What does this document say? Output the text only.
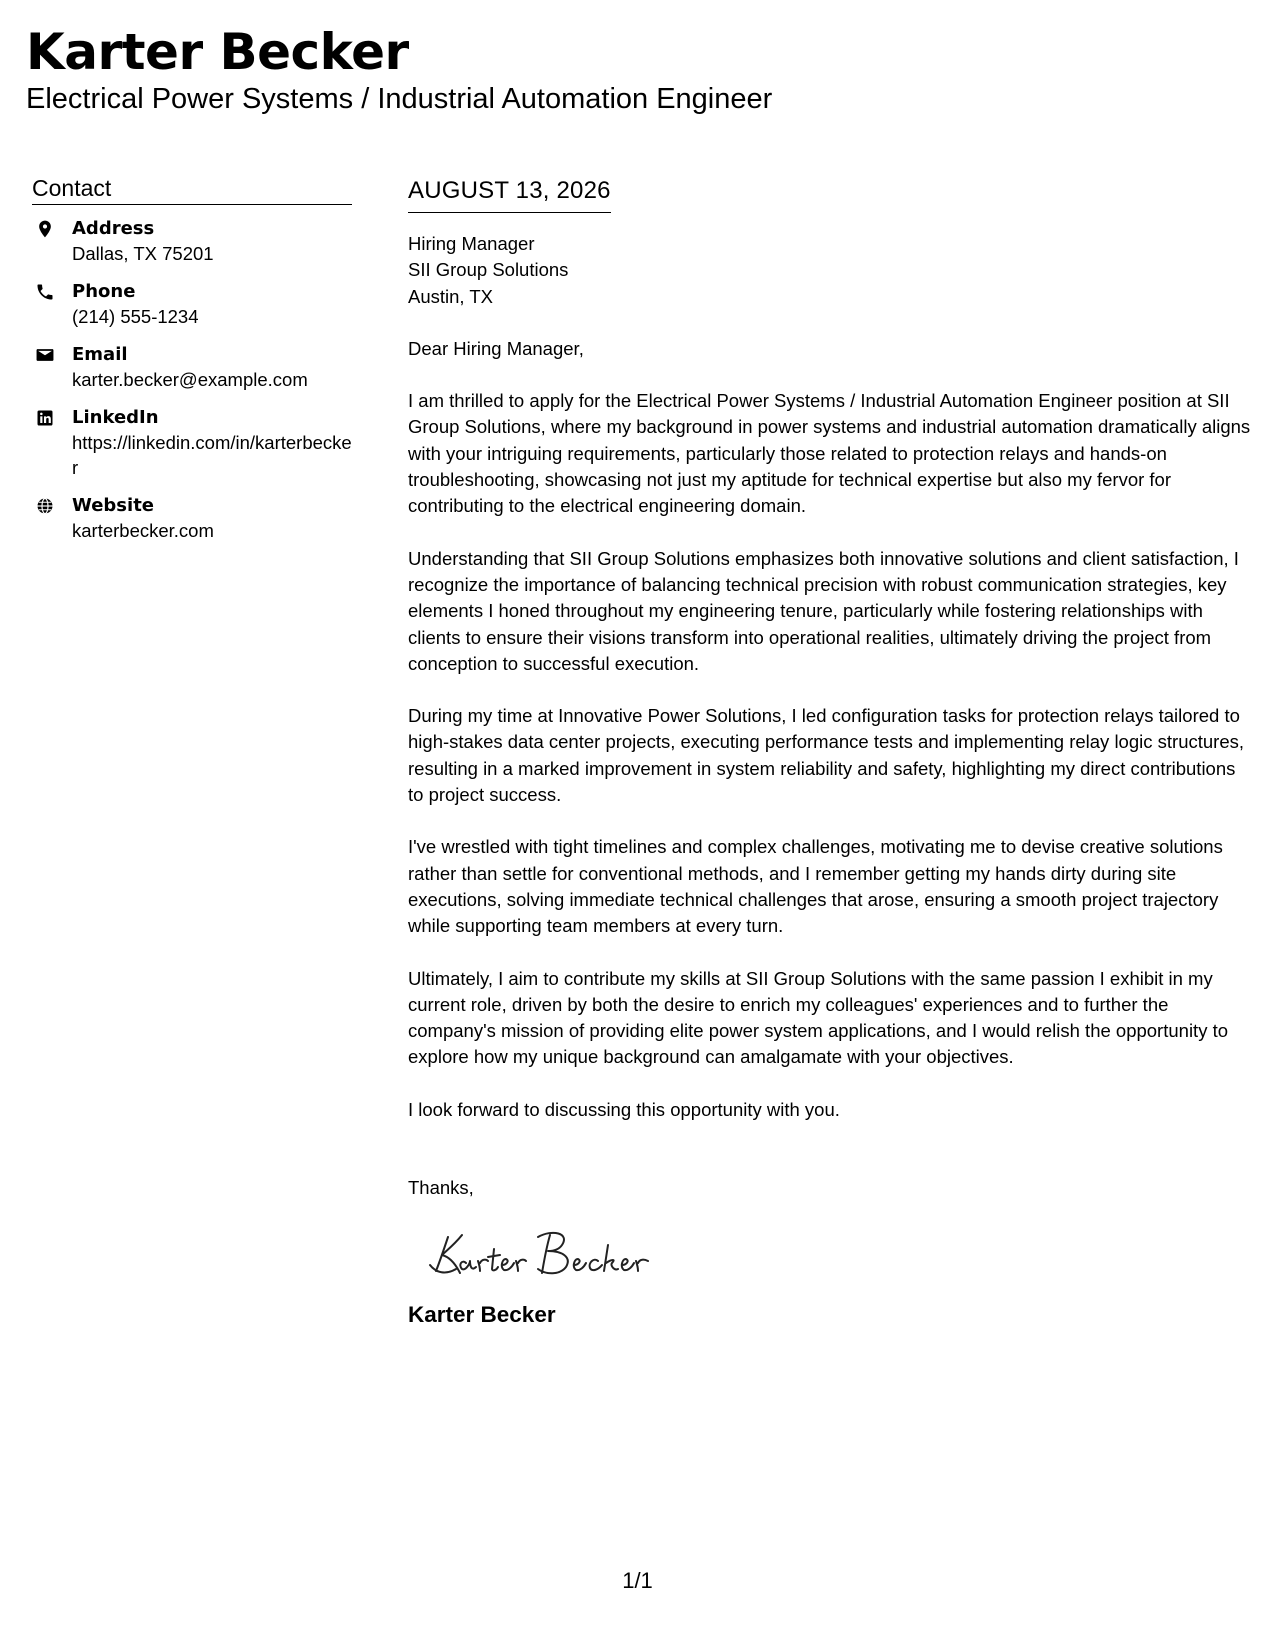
Karter Becker
Electrical Power Systems / Industrial Automation Engineer
Contact
Address
Dallas, TX 75201
Phone
(214) 555-1234
Email
karter.becker@example.com
LinkedIn
https://linkedin.com/in/karterbecker
Website
karterbecker.com
AUGUST 13, 2026
Hiring Manager
SII Group Solutions
Austin, TX
Dear Hiring Manager,

I am thrilled to apply for the Electrical Power Systems / Industrial Automation Engineer position at SII Group Solutions, where my background in power systems and industrial automation dramatically aligns with your intriguing requirements, particularly those related to protection relays and hands-on troubleshooting, showcasing not just my aptitude for technical expertise but also my fervor for contributing to the electrical engineering domain.

Understanding that SII Group Solutions emphasizes both innovative solutions and client satisfaction, I recognize the importance of balancing technical precision with robust communication strategies, key elements I honed throughout my engineering tenure, particularly while fostering relationships with clients to ensure their visions transform into operational realities, ultimately driving the project from conception to successful execution.

During my time at Innovative Power Solutions, I led configuration tasks for protection relays tailored to high-stakes data center projects, executing performance tests and implementing relay logic structures, resulting in a marked improvement in system reliability and safety, highlighting my direct contributions to project success.

I've wrestled with tight timelines and complex challenges, motivating me to devise creative solutions rather than settle for conventional methods, and I remember getting my hands dirty during site executions, solving immediate technical challenges that arose, ensuring a smooth project trajectory while supporting team members at every turn.

Ultimately, I aim to contribute my skills at SII Group Solutions with the same passion I exhibit in my current role, driven by both the desire to enrich my colleagues' experiences and to further the company's mission of providing elite power system applications, and I would relish the opportunity to explore how my unique background can amalgamate with your objectives.

I look forward to discussing this opportunity with you.

Thanks,
Karter Becker
1/1
